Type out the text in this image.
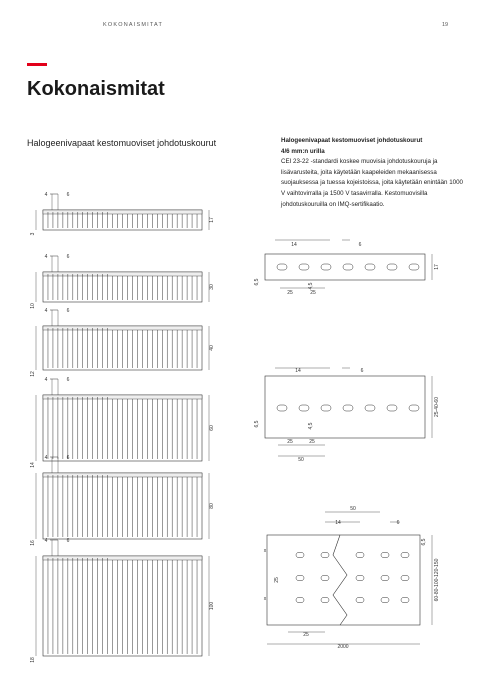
KOKONAISMITAT	19
Kokonaismitat
Halogeenivapaat kestomuoviset johdotuskourut	Halogeenivapaat kestomuoviset johdotuskourut
4/6 mm:n urilla
CEI 23-22 -standardi koskee muovisia johdotuskouruja ja lisävarusteita, joita käytetään kaapeleiden mekaanisessa suojauksessa ja tuessa kojeistoissa, joita käytetään enintään 1000 V vaihtovirralla ja 1500 V tasavirralla. Kestomuovisilla johdotuskouruilla on IMQ-sertifikaatio.
4	6
3
17
4	6
10
30
4	6
12
40
4	6
14
60
4	6
16
80
4	6
18
100
14	6
6,5
4,5
25	25
17
14	6
6,5	4,5
25	25
50
25-40-60
50
14	6
6,5
25
x
x	60-80-100-120-150
25
2000
